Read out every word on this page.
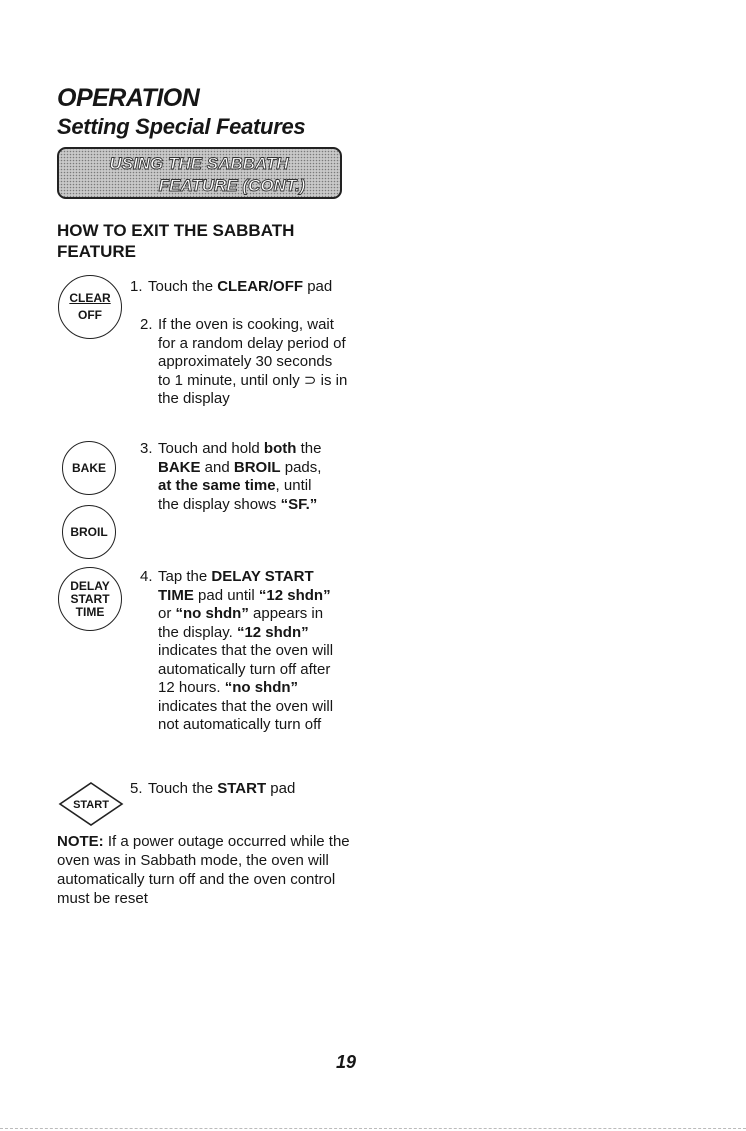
OPERATION
Setting Special Features
USING THE SABBATH
FEATURE (CONT.)
HOW TO EXIT THE SABBATH FEATURE
CLEAR
OFF
BAKE
BROIL
DELAY
START
TIME
START
1. Touch the CLEAR/OFF pad
2. If the oven is cooking, wait for a random delay period of approximately 30 seconds to 1 minute, until only ⊃ is in the display
3. Touch and hold both the BAKE and BROIL pads, at the same time, until the display shows “SF.”
4. Tap the DELAY START TIME pad until “12 shdn” or “no shdn” appears in the display. “12 shdn” indicates that the oven will automatically turn off after 12 hours. “no shdn” indicates that the oven will not automatically turn off
5. Touch the START pad
NOTE: If a power outage occurred while the oven was in Sabbath mode, the oven will automatically turn off and the oven control must be reset
19
